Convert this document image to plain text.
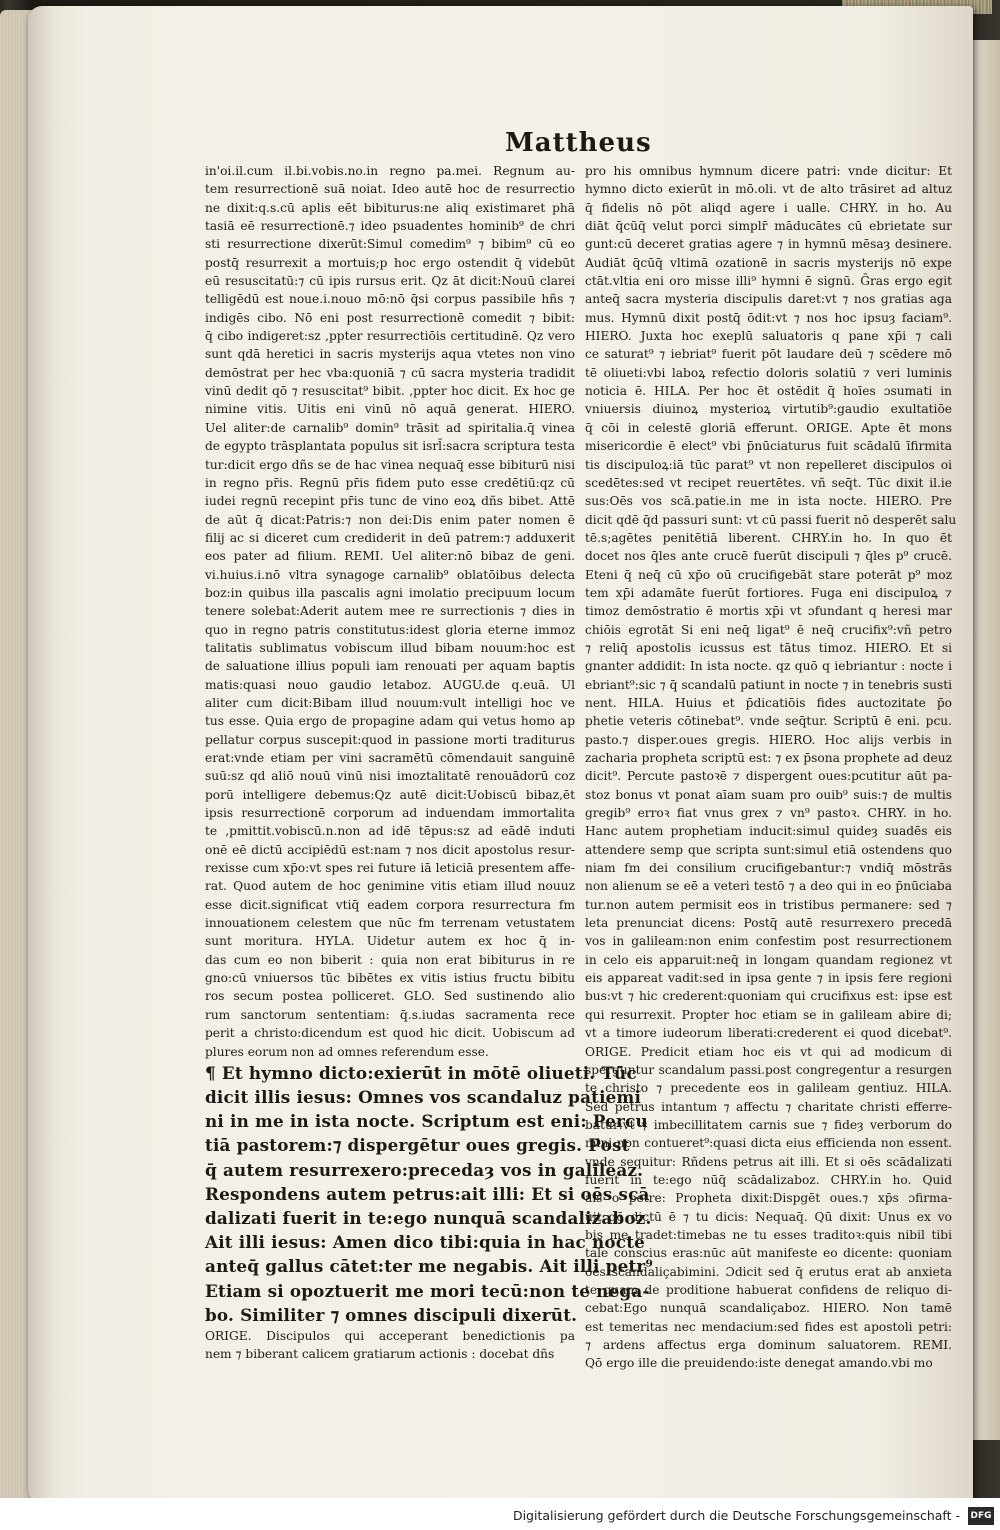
Mattheus
in'oi.il.cum il.bi.vobis.no.in regno pa.mei. Regnum au-
tem resurrectionē suā noiat. Ideo autē hoc de resurrectio
ne dixit:q.s.cū aplis eēt bibiturus:ne aliq existimaret phā
tasiā eē resurrectionē.⁊ ideo psuadentes hominib⁹ de chri
sti resurrectione dixerūt:Simul comedim⁹ ⁊ bibim⁹ cū eo
postq̄ resurrexit a mortuis;p hoc ergo ostendit q̄ videbūt
eū resuscitatū:⁊ cū ipis rursus erit. Qz āt dicit:Nouū clarei
telligēdū est noue.i.nouo mō:nō q̄si corpus passibile hñs ⁊
indigēs cibo. Nō eni post resurrectionē comedit ⁊ bibit:
q̄ cibo indigeret:sz ,ppter resurrectiōis certitudinē. Qz vero
sunt qdā heretici in sacris mysterijs aqua vtetes non vino
demōstrat per hec vba:quoniā ⁊ cū sacra mysteria tradidit
vinū dedit qō ⁊ resuscitat⁹ bibit. ,ppter hoc dicit. Ex hoc ge
nimine vitis. Uitis eni vinū nō aquā generat. HIERO.
Uel aliter:de carnalib⁹ domin⁹ trāsit ad spiritalia.q̄ vinea
de egypto trāsplantata populus sit isrl̄:sacra scriptura testa
tur:dicit ergo dñs se de hac vinea nequaq̄ esse bibiturū nisi
in regno pr̄is. Regnū pr̄is fidem puto esse credētiū:qz cū
iudei regnū recepint pr̄is tunc de vino eoꝝ dñs bibet. Attē
de aūt q̄ dicat:Patris:⁊ non dei:Dis enim pater nomen ē
filij ac si diceret cum crediderit in deū patrem:⁊ adduxerit
eos pater ad filium. REMI. Uel aliter:nō bibaz de geni.
vi.huius.i.nō vltra synagoge carnalib⁹ oblatōibus delecta
boz:in quibus illa pascalis agni imolatio precipuum locum
tenere solebat:Aderit autem mee re surrectionis ⁊ dies in
quo in regno patris constitutus:idest gloria eterne immoz
talitatis sublimatus vobiscum illud bibam nouum:hoc est
de saluatione illius populi iam renouati per aquam baptis
matis:quasi nouo gaudio letaboz. AUGU.de q.euā. Ul
aliter cum dicit:Bibam illud nouum:vult intelligi hoc ve
tus esse. Quia ergo de propagine adam qui vetus homo ap
pellatur corpus suscepit:quod in passione morti traditurus
erat:vnde etiam per vini sacramētū cōmendauit sanguinē
suū:sz qd aliō nouū vinū nisi imoztalitatē renouādorū coz
porū intelligere debemus:Qz autē dicit:Uobiscū bibaz,ēt
ipsis resurrectionē corporum ad induendam immortalita
te ,pmittit.vobiscū.n.non ad idē tēpus:sz ad eādē induti
onē eē dictū accipiēdū est:nam ⁊ nos dicit apostolus resur-
rexisse cum xp̄o:vt spes rei future iā leticiā presentem affe-
rat. Quod autem de hoc genimine vitis etiam illud nouuz
esse dicit.significat vtiq̄ eadem corpora resurrectura fm
innouationem celestem que nūc fm terrenam vetustatem
sunt moritura. HYLA. Uidetur autem ex hoc q̄ in-
das cum eo non biberit : quia non erat bibiturus in re
gno:cū vniuersos tūc bibētes ex vitis istius fructu bibitu
ros secum postea polliceret. GLO. Sed sustinendo alio
rum sanctorum sententiam: q̄.s.iudas sacramenta rece
perit a christo:dicendum est quod hic dicit. Uobiscum ad
plures eorum non ad omnes referendum esse.
¶ Et hymno dicto:exierūt in mōtē oliueti. Tūc
dicit illis iesus: Omnes vos scandaluz patiemi
ni in me in ista nocte. Scriptum est eni: Percu
tiā pastorem:⁊ dispergētur oues gregis. Post
q̄ autem resurrexero:precedaȝ vos in galileaz.
Respondens autem petrus:ait illi: Et si oēs scā
dalizati fuerit in te:ego nunquā scandalizaboz.
Ait illi iesus: Amen dico tibi:quia in hac nocte
anteq̄ gallus cātet:ter me negabis. Ait illi petr⁹
Etiam si opoztuerit me mori tecū:non te nega-
bo. Similiter ⁊ omnes discipuli dixerūt.
ORIGE. Discipulos qui acceperant benedictionis pa
nem ⁊ biberant calicem gratiarum actionis : docebat dñs
pro his omnibus hymnum dicere patri: vnde dicitur: Et
hymno dicto exierūt in mō.oli. vt de alto trāsiret ad altuz
q̄ fidelis nō pōt aliqd agere i ualle. CHRY. in ho. Au
diāt q̄cūq̄ velut porci simplr̄ māducātes cū ebrietate sur
gunt:cū deceret gratias agere ⁊ in hymnū mēsaȝ desinere.
Audiāt q̄cūq̄ vltimā ozationē in sacris mysterijs nō expe
ctāt.vltia eni oro misse illi⁹ hymni ē signū. Ḡras ergo egit
anteq̄ sacra mysteria discipulis daret:vt ⁊ nos gratias aga
mus. Hymnū dixit postq̄ ōdit:vt ⁊ nos hoc ipsuȝ faciam⁹.
HIERO. Juxta hoc exeplū saluatoris q pane xp̄i ⁊ cali
ce saturat⁹ ⁊ iebriat⁹ fuerit pōt laudare deū ⁊ scēdere mō
tē oliueti:vbi laboꝝ refectio doloris solatiū ⁊ veri luminis
noticia ē. HILA. Per hoc ēt ostēdit q̄ hoīes ɔsumati in
vniuersis diuinoꝝ mysterioꝝ virtutib⁹:gaudio exultatiōe
q̄ cōi in celestē gloriā efferunt. ORIGE. Apte ēt mons
misericordie ē elect⁹ vbi p̄nūciaturus fuit scādalū īfirmita
tis discipuloꝝ:iā tūc parat⁹ vt non repelleret discipulos oi
scedētes:sed vt recipet reuertētes. vñ seq̄t. Tūc dixit il.ie
sus:Oēs vos scā.patie.in me in ista nocte. HIERO. Pre
dicit qdē q̄d passuri sunt: vt cū passi fuerit nō desperēt salu
tē.s;agētes penitētiā liberent. CHRY.in ho. In quo ēt
docet nos q̄les ante crucē fuerūt discipuli ⁊ q̄les p⁹ crucē.
Eteni q̄ neq̄ cū xp̄o oū crucifigebāt stare poterāt p⁹ moz
tem xp̄i adamāte fuerūt fortiores. Fuga eni discipuloꝝ ⁊
timoz demōstratio ē mortis xp̄i vt ɔfundant q heresi mar
chiōis egrotāt Si eni neq̄ ligat⁹ ē neq̄ crucifix⁹:vñ petro
⁊ reliq̄ apostolis icussus est tātus timoz. HIERO. Et si
gnanter addidit: In ista nocte. qz quō q iebriantur : nocte i
ebriant⁹:sic ⁊ q̄ scandalū patiunt in nocte ⁊ in tenebris susti
nent. HILA. Huius et p̄dicatiōis fides auctozitate p̄o
phetie veteris cōtinebat⁹. vnde seq̄tur. Scriptū ē eni. pcu.
pasto.⁊ disper.oues gregis. HIERO. Hoc alijs verbis in
zacharia propheta scriptū est: ⁊ ex p̄sona prophete ad deuz
dicit⁹. Percute pastoꝛē ⁊ dispergent oues:pcutitur aūt pa-
stoz bonus vt ponat aīam suam pro ouib⁹ suis:⁊ de multis
gregib⁹ erroꝛ fiat vnus grex ⁊ vn⁹ pastoꝛ. CHRY. in ho.
Hanc autem prophetiam inducit:simul quideȝ suadēs eis
attendere semp que scripta sunt:simul etiā ostendens quo
niam fm dei consilium crucifigebantur:⁊ vndiq̄ mōstrās
non alienum se eē a veteri testō ⁊ a deo qui in eo p̄nūciaba
tur.non autem permisit eos in tristibus permanere: sed ⁊
leta prenunciat dicens: Postq̄ autē resurrexero precedā
vos in galileam:non enim confestim post resurrectionem
in celo eis apparuit:neq̄ in longam quandam regionez vt
eis appareat vadit:sed in ipsa gente ⁊ in ipsis fere regioni
bus:vt ⁊ hic crederent:quoniam qui crucifixus est: ipse est
qui resurrexit. Propter hoc etiam se in galileam abire di;
vt a timore iudeorum liberati:crederent ei quod dicebat⁹.
ORIGE. Predicit etiam hoc eis vt qui ad modicum di
sperguntur scandalum passi.post congregentur a resurgen
te christo ⁊ precedente eos in galileam gentiuz. HILA.
Sed petrus intantum ⁊ affectu ⁊ charitate christi efferre-
batur:vt ⁊ imbecillitatem carnis sue ⁊ fideȝ verborum do
mini non contueret⁹:quasi dicta eius efficienda non essent.
vnde sequitur: Rñdens petrus ait illi. Et si oēs scādalizati
fuerit in te:ego nūq̄ scādalizaboz. CHRY.in ho. Quid
ais o petre: Propheta dixit:Dispgēt oues.⁊ xp̄s ɔfirma-
uit qō dictū ē ⁊ tu dicis: Nequaq̄. Qū dixit: Unus ex vo
bis me tradet:timebas ne tu esses traditoꝛ:quis nibil tibi
tale conscius eras:nūc aūt manifeste eo dicente: quoniam
oēs scandaliçabimini. Ɔdicit sed q̄ erutus erat ab anxieta
te quam de proditione habuerat confidens de reliquo di-
cebat:Ego nunquā scandaliçaboz. HIERO. Non tamē
est temeritas nec mendacium:sed fides est apostoli petri:
⁊ ardens affectus erga dominum saluatorem. REMI.
Qō ergo ille die preuidendo:iste denegat amando.vbi mo
Digitalisierung gefördert durch die Deutsche Forschungsgemeinschaft - DFG
